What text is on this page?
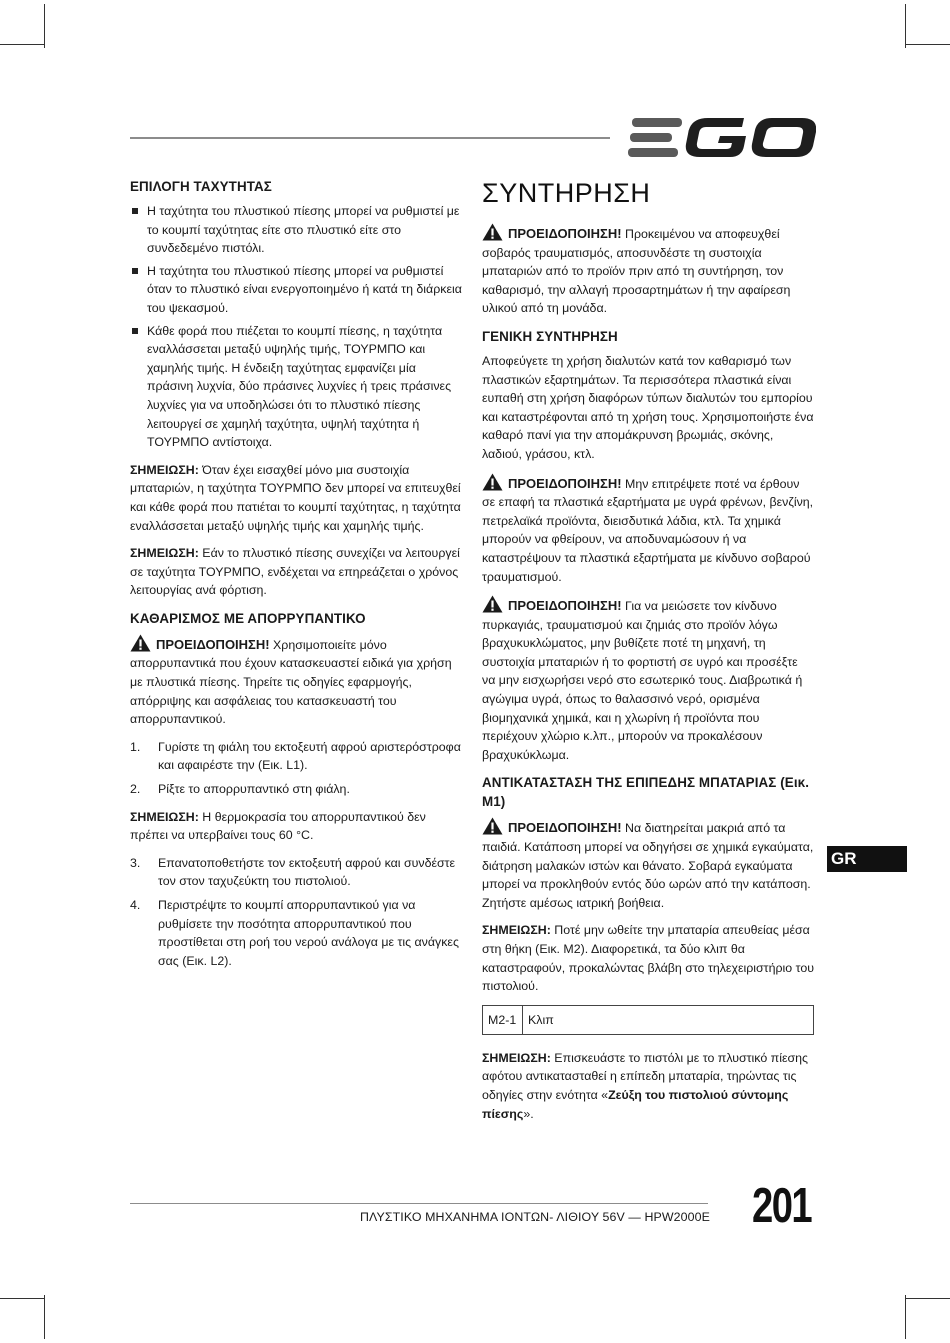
ΕΠΙΛΟΓΗ ΤΑΧΥΤΗΤΑΣ
Η ταχύτητα του πλυστικού πίεσης μπορεί να ρυθμιστεί με το κουμπί ταχύτητας είτε στο πλυστικό είτε στο συνδεδεμένο πιστόλι.
Η ταχύτητα του πλυστικού πίεσης μπορεί να ρυθμιστεί όταν το πλυστικό είναι ενεργοποιημένο ή κατά τη διάρκεια του ψεκασμού.
Κάθε φορά που πιέζεται το κουμπί πίεσης, η ταχύτητα εναλλάσσεται μεταξύ υψηλής τιμής, ΤΟΥΡΜΠΟ και χαμηλής τιμής. Η ένδειξη ταχύτητας εμφανίζει μία πράσινη λυχνία, δύο πράσινες λυχνίες ή τρεις πράσινες λυχνίες για να υποδηλώσει ότι το πλυστικό πίεσης λειτουργεί σε χαμηλή ταχύτητα, υψηλή ταχύτητα ή ΤΟΥΡΜΠΟ αντίστοιχα.

ΣΗΜΕΙΩΣΗ: Όταν έχει εισαχθεί μόνο μια συστοιχία μπαταριών, η ταχύτητα ΤΟΥΡΜΠΟ δεν μπορεί να επιτευχθεί και κάθε φορά που πατιέται το κουμπί ταχύτητας, η ταχύτητα εναλλάσσεται μεταξύ υψηλής τιμής και χαμηλής τιμής.

ΣΗΜΕΙΩΣΗ: Εάν το πλυστικό πίεσης συνεχίζει να λειτουργεί σε ταχύτητα ΤΟΥΡΜΠΟ, ενδέχεται να επηρεάζεται ο χρόνος λειτουργίας ανά φόρτιση.

ΚΑΘΑΡΙΣΜΟΣ ΜΕ ΑΠΟΡΡΥΠΑΝΤΙΚΟ

ΠΡΟΕΙΔΟΠΟΙΗΣΗ! Χρησιμοποιείτε μόνο απορρυπαντικά που έχουν κατασκευαστεί ειδικά για χρήση με πλυστικά πίεσης. Τηρείτε τις οδηγίες εφαρμογής, απόρριψης και ασφάλειας του κατασκευαστή του απορρυπαντικού.

1. Γυρίστε τη φιάλη του εκτοξευτή αφρού αριστερόστροφα και αφαιρέστε την (Εικ. L1).
2. Ρίξτε το απορρυπαντικό στη φιάλη.

ΣΗΜΕΙΩΣΗ: Η θερμοκρασία του απορρυπαντικού δεν πρέπει να υπερβαίνει τους 60 °C.

3. Επανατοποθετήστε τον εκτοξευτή αφρού και συνδέστε τον στον ταχυζεύκτη του πιστολιού.
4. Περιστρέψτε το κουμπί απορρυπαντικού για να ρυθμίσετε την ποσότητα απορρυπαντικού που προστίθεται στη ροή του νερού ανάλογα με τις ανάγκες σας (Εικ. L2).
ΣΥΝΤΗΡΗΣΗ

ΠΡΟΕΙΔΟΠΟΙΗΣΗ! Προκειμένου να αποφευχθεί σοβαρός τραυματισμός, αποσυνδέστε τη συστοιχία μπαταριών από το προϊόν πριν από τη συντήρηση, τον καθαρισμό, την αλλαγή προσαρτημάτων ή την αφαίρεση υλικού από τη μονάδα.

ΓΕΝΙΚΗ ΣΥΝΤΗΡΗΣΗ

Αποφεύγετε τη χρήση διαλυτών κατά τον καθαρισμό των πλαστικών εξαρτημάτων. Τα περισσότερα πλαστικά είναι ευπαθή στη χρήση διαφόρων τύπων διαλυτών του εμπορίου και καταστρέφονται από τη χρήση τους. Χρησιμοποιήστε ένα καθαρό πανί για την απομάκρυνση βρωμιάς, σκόνης, λαδιού, γράσου, κτλ.

ΠΡΟΕΙΔΟΠΟΙΗΣΗ! Μην επιτρέψετε ποτέ να έρθουν σε επαφή τα πλαστικά εξαρτήματα με υγρά φρένων, βενζίνη, πετρελαϊκά προϊόντα, διεισδυτικά λάδια, κτλ. Τα χημικά μπορούν να φθείρουν, να αποδυναμώσουν ή να καταστρέψουν τα πλαστικά εξαρτήματα με κίνδυνο σοβαρού τραυματισμού.

ΠΡΟΕΙΔΟΠΟΙΗΣΗ! Για να μειώσετε τον κίνδυνο πυρκαγιάς, τραυματισμού και ζημιάς στο προϊόν λόγω βραχυκυκλώματος, μην βυθίζετε ποτέ τη μηχανή, τη συστοιχία μπαταριών ή το φορτιστή σε υγρό και προσέξτε να μην εισχωρήσει νερό στο εσωτερικό τους. Διαβρωτικά ή αγώγιμα υγρά, όπως το θαλασσινό νερό, ορισμένα βιομηχανικά χημικά, και η χλωρίνη ή προϊόντα που περιέχουν χλώριο κ.λπ., μπορούν να προκαλέσουν βραχυκύκλωμα.

ΑΝΤΙΚΑΤΑΣΤΑΣΗ ΤΗΣ ΕΠΙΠΕΔΗΣ ΜΠΑΤΑΡΙΑΣ (Εικ. Μ1)

ΠΡΟΕΙΔΟΠΟΙΗΣΗ! Να διατηρείται μακριά από τα παιδιά. Κατάποση μπορεί να οδηγήσει σε χημικά εγκαύματα, διάτρηση μαλακών ιστών και θάνατο. Σοβαρά εγκαύματα μπορεί να προκληθούν εντός δύο ωρών από την κατάποση. Ζητήστε αμέσως ιατρική βοήθεια.

ΣΗΜΕΙΩΣΗ: Ποτέ μην ωθείτε την μπαταρία απευθείας μέσα στη θήκη (Εικ. Μ2). Διαφορετικά, τα δύο κλιπ θα καταστραφούν, προκαλώντας βλάβη στο τηλεχειριστήριο του πιστολιού.

M2-1	Κλιπ

ΣΗΜΕΙΩΣΗ: Επισκευάστε το πιστόλι με το πλυστικό πίεσης αφότου αντικατασταθεί η επίπεδη μπαταρία, τηρώντας τις οδηγίες στην ενότητα «Ζεύξη του πιστολιού σύντομης πίεσης».

GR
ΠΛΥΣΤΙΚΟ ΜΗΧΑΝΗΜΑ ΙΟΝΤΩΝ- ΛΙΘΙΟΥ 56V — HPW2000E 201
